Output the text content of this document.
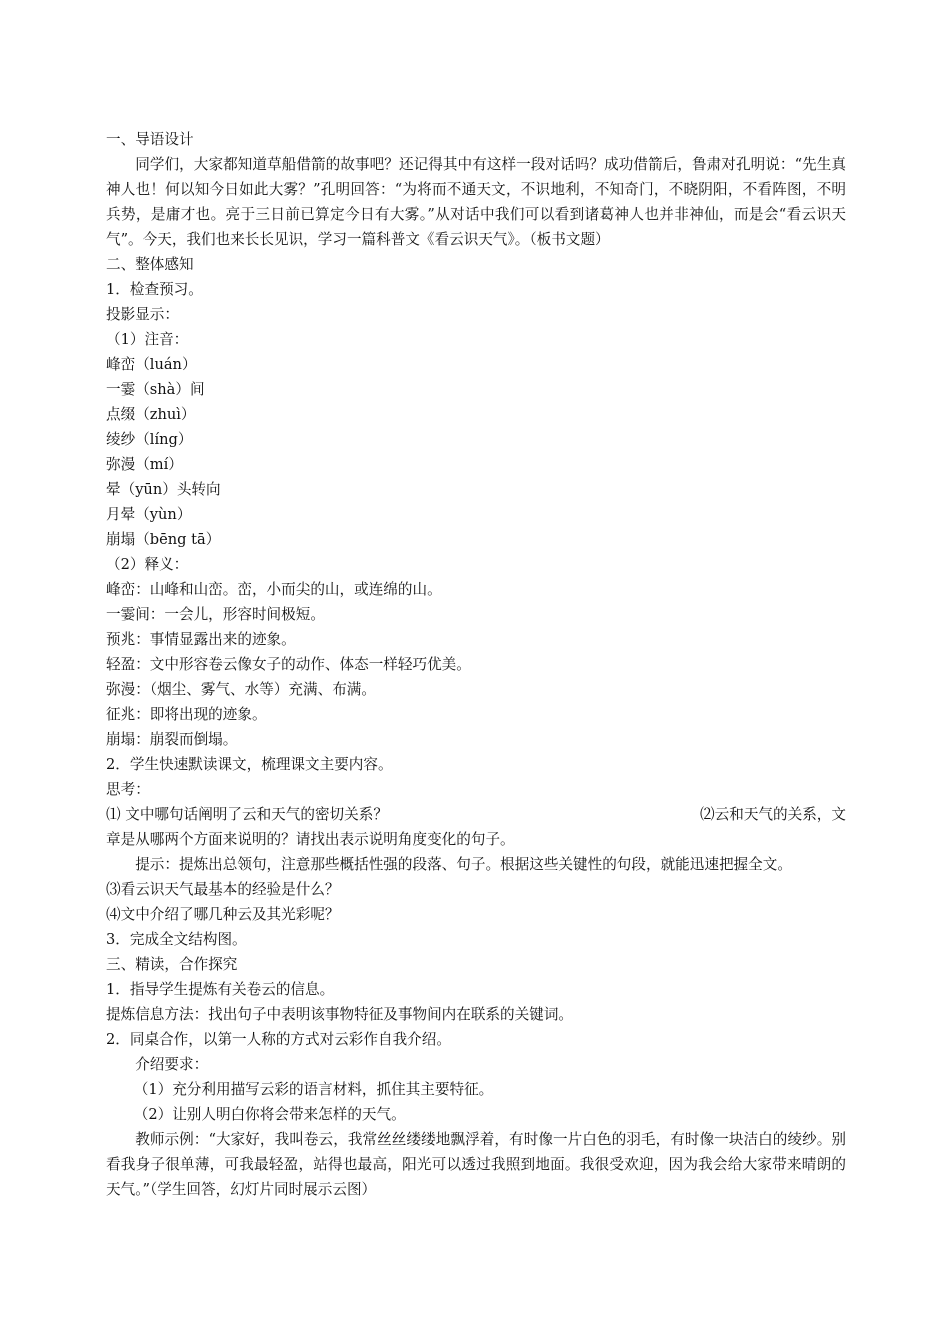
一、导语设计
同学们，大家都知道草船借箭的故事吧？还记得其中有这样一段对话吗？成功借箭后，鲁肃对孔明说：“先生真神人也！何以知今日如此大雾？”孔明回答：“为将而不通天文，不识地利，不知奇门，不晓阴阳，不看阵图，不明兵势，是庸才也。亮于三日前已算定今日有大雾。”从对话中我们可以看到诸葛神人也并非神仙，而是会“看云识天气”。今天，我们也来长长见识，学习一篇科普文《看云识天气》。（板书文题）
二、整体感知
1．检查预习。
投影显示：
（1）注音：
峰峦（luán）
一霎（shà）间
点缀（zhuì）
绫纱（líng）
弥漫（mí）
晕（yūn）头转向
月晕（yùn）
崩塌（bēng tā）
（2）释义：
峰峦：山峰和山峦。峦，小而尖的山，或连绵的山。
一霎间：一会儿，形容时间极短。
预兆：事情显露出来的迹象。
轻盈：文中形容卷云像女子的动作、体态一样轻巧优美。
弥漫：（烟尘、雾气、水等）充满、布满。
征兆：即将出现的迹象。
崩塌：崩裂而倒塌。
2．学生快速默读课文，梳理课文主要内容。
思考：
⑴ 文中哪句话阐明了云和天气的密切关系？	⑵云和天气的关系，文
章是从哪两个方面来说明的？请找出表示说明角度变化的句子。
提示：提炼出总领句，注意那些概括性强的段落、句子。根据这些关键性的句段，就能迅速把握全文。
⑶看云识天气最基本的经验是什么？
⑷文中介绍了哪几种云及其光彩呢？
3．完成全文结构图。
三、精读，合作探究
1．指导学生提炼有关卷云的信息。
提炼信息方法：找出句子中表明该事物特征及事物间内在联系的关键词。
2．同桌合作，以第一人称的方式对云彩作自我介绍。
介绍要求：
（1）充分利用描写云彩的语言材料，抓住其主要特征。
（2）让别人明白你将会带来怎样的天气。
教师示例：“大家好，我叫卷云，我常丝丝缕缕地飘浮着，有时像一片白色的羽毛，有时像一块洁白的绫纱。别看我身子很单薄，可我最轻盈，站得也最高，阳光可以透过我照到地面。我很受欢迎，因为我会给大家带来晴朗的天气。”（学生回答，幻灯片同时展示云图）
